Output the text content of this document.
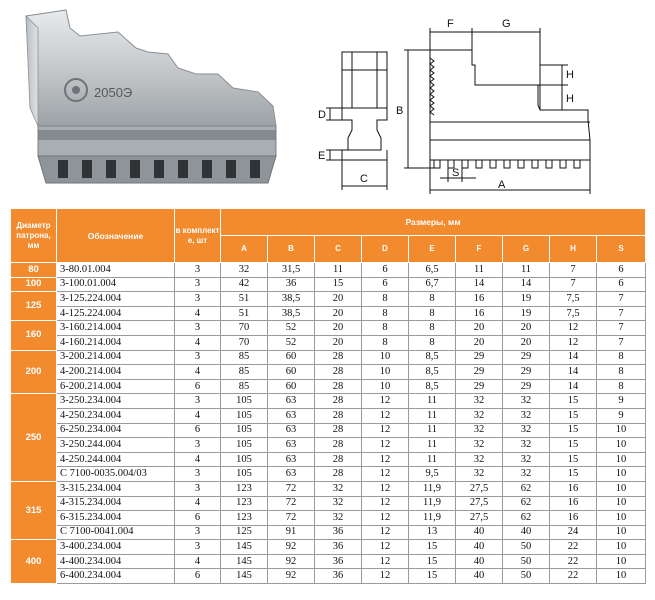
2050Э
F	G
H
H
B
D
E
C	S
A
Диаметр патрона, мм	Обозначение	в комплект е, шт	Размеры, мм								
			A	B	C	D	E	F	G	H	S
80	3-80.01.004	3	32	31,5	11	6	6,5	11	11	7	6
100	3-100.01.004	3	42	36	15	6	6,7	14	14	7	6
125	3-125.224.004	3	51	38,5	20	8	8	16	19	7,5	7
	4-125.224.004	4	51	38,5	20	8	8	16	19	7,5	7
160	3-160.214.004	3	70	52	20	8	8	20	20	12	7
	4-160.214.004	4	70	52	20	8	8	20	20	12	7
200	3-200.214.004	3	85	60	28	10	8,5	29	29	14	8
	4-200.214.004	4	85	60	28	10	8,5	29	29	14	8
	6-200.214.004	6	85	60	28	10	8,5	29	29	14	8
250	3-250.234.004	3	105	63	28	12	11	32	32	15	9
	4-250.234.004	4	105	63	28	12	11	32	32	15	9
	6-250.234.004	6	105	63	28	12	11	32	32	15	10
	3-250.244.004	3	105	63	28	12	11	32	32	15	10
	4-250.244.004	4	105	63	28	12	11	32	32	15	10
	С 7100-0035.004/03	3	105	63	28	12	9,5	32	32	15	10
315	3-315.234.004	3	123	72	32	12	11,9	27,5	62	16	10
	4-315.234.004	4	123	72	32	12	11,9	27,5	62	16	10
	6-315.234.004	6	123	72	32	12	11,9	27,5	62	16	10
	С 7100-0041.004	3	125	91	36	12	13	40	40	24	10
400	3-400.234.004	3	145	92	36	12	15	40	50	22	10
	4-400.234.004	4	145	92	36	12	15	40	50	22	10
	6-400.234.004	6	145	92	36	12	15	40	50	22	10
